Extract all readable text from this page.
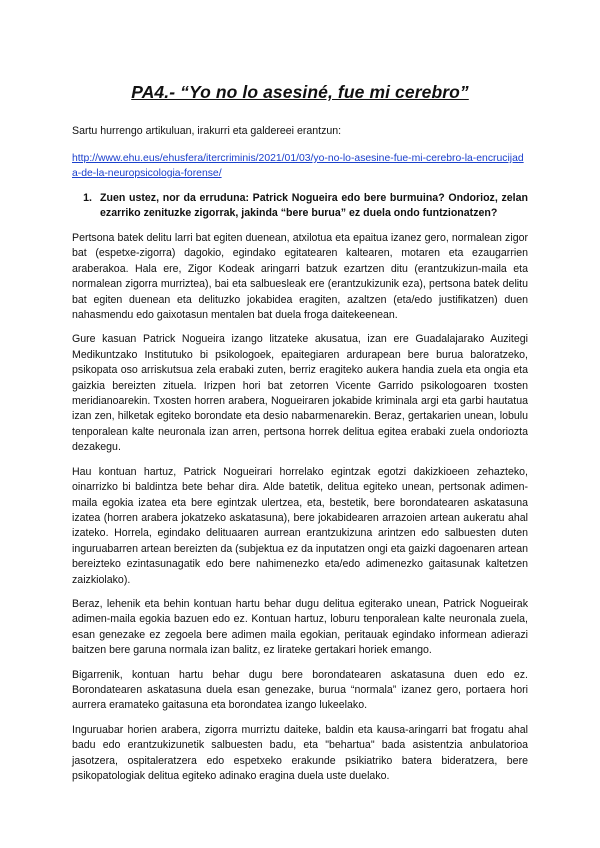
PA4.- “Yo no lo asesiné, fue mi cerebro”
Sartu hurrengo artikuluan, irakurri eta galdereei erantzun:
http://www.ehu.eus/ehusfera/itercriminis/2021/01/03/yo-no-lo-asesine-fue-mi-cerebro-la-encrucijada-de-la-neuropsicologia-forense/
1. Zuen ustez, nor da erruduna: Patrick Nogueira edo bere burmuina? Ondorioz, zelan ezarriko zenituzke zigorrak, jakinda “bere burua” ez duela ondo funtzionatzen?

Pertsona batek delitu larri bat egiten duenean, atxilotua eta epaitua izanez gero, normalean zigor bat (espetxe-zigorra) dagokio, egindako egitatearen kaltearen, motaren eta ezaugarrien araberakoa. Hala ere, Zigor Kodeak aringarri batzuk ezartzen ditu (erantzukizun-maila eta normalean zigorra murriztea), bai eta salbuesleak ere (erantzukizunik eza), pertsona batek delitu bat egiten duenean eta delituzko jokabidea eragiten, azaltzen (eta/edo justifikatzen) duen nahasmendu edo gaixotasun mentalen bat duela froga daitekeenean.

Gure kasuan Patrick Nogueira izango litzateke akusatua, izan ere Guadalajarako Auzitegi Medikuntzako Institutuko bi psikologoek, epaitegiaren ardurapean bere burua baloratzeko, psikopata oso arriskutsua zela erabaki zuten, berriz eragiteko aukera handia zuela eta ongia eta gaizkia bereizten zituela. Irizpen hori bat zetorren Vicente Garrido psikologoaren txosten meridianoarekin. Txosten horren arabera, Nogueiraren jokabide kriminala argi eta garbi hautatua izan zen, hilketak egiteko borondate eta desio nabarmenarekin. Beraz, gertakarien unean, lobulu tenporalean kalte neuronala izan arren, pertsona horrek delitua egitea erabaki zuela ondorioztа dezakegu.

Hau kontuan hartuz, Patrick Nogueirari horrelako egintzak egotzi dakizkioeen zehazteko, oinarrizko bi baldintza bete behar dira. Alde batetik, delitua egiteko unean, pertsonak adimen-maila egokia izatea eta bere egintzak ulertzea, eta, bestetik, bere borondatearen askatasuna izatea (horren arabera jokatzeko askatasuna), bere jokabidearen arrazoien artean aukeratu ahal izateko. Horrela, egindako delituaaren aurrean erantzukizuna arintzen edo salbuesten duten inguruabarren artean bereizten da (subjektua ez da inputatzen ongi eta gaizki dagoenaren artean bereizteko ezintasunagatik edo bere nahimenezko eta/edo adimenezko gaitasunak kaltetzen zaizkiolako).

Beraz, lehenik eta behin kontuan hartu behar dugu delitua egiterako unean, Patrick Nogueirak adimen-maila egokia bazuen edo ez. Kontuan hartuz, loburu tenporalean kalte neuronala zuela, esan genezake ez zegoela bere adimen maila egokian, peritauak egindako informean adierazi baitzen bere garuna normala izan balitz, ez lirateke gertakari horiek emango.

Bigarrenik, kontuan hartu behar dugu bere borondatearen askatasuna duen edo ez. Borondatearen askatasuna duela esan genezake, burua “normala” izanez gero, portaera hori aurrera eramateko gaitasuna eta borondatea izango lukeelako.

Inguruabar horien arabera, zigorra murriztu daiteke, baldin eta kausa-aringarri bat frogatu ahal badu edo erantzukizunetik salbuesten badu, eta "behartua" bada asistentzia anbulatorioa jasotzera, ospitaleratzera edo espetxeko erakunde psikiatriko batera bideratzera, bere psikopatologiak delitua egiteko adinako eragina duela uste duelako.
